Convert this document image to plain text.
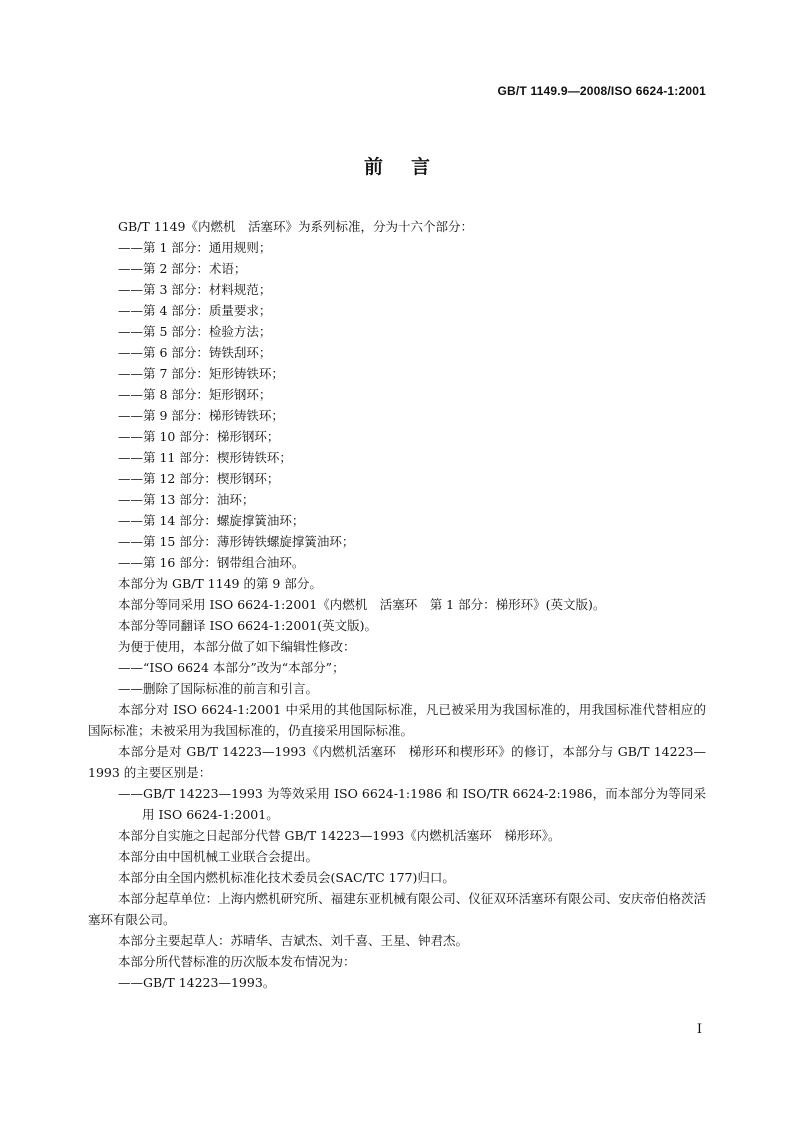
GB/T 1149.9—2008/ISO 6624-1:2001
前言

GB/T 1149《内燃机　活塞环》为系列标准，分为十六个部分：

——第 1 部分：通用规则；

——第 2 部分：术语；

——第 3 部分：材料规范；

——第 4 部分：质量要求；

——第 5 部分：检验方法；

——第 6 部分：铸铁刮环；

——第 7 部分：矩形铸铁环；

——第 8 部分：矩形钢环；

——第 9 部分：梯形铸铁环；

——第 10 部分：梯形钢环；

——第 11 部分：楔形铸铁环；

——第 12 部分：楔形钢环；

——第 13 部分：油环；

——第 14 部分：螺旋撑簧油环；

——第 15 部分：薄形铸铁螺旋撑簧油环；

——第 16 部分：钢带组合油环。

本部分为 GB/T 1149 的第 9 部分。

本部分等同采用 ISO 6624-1:2001《内燃机　活塞环　第 1 部分：梯形环》(英文版)。

本部分等同翻译 ISO 6624-1:2001(英文版)。

为便于使用，本部分做了如下编辑性修改：

——“ISO 6624 本部分”改为“本部分”；

——删除了国际标准的前言和引言。

本部分对 ISO 6624-1:2001 中采用的其他国际标准，凡已被采用为我国标准的，用我国标准代替相应的国际标准；未被采用为我国标准的，仍直接采用国际标准。

本部分是对 GB/T 14223—1993《内燃机活塞环　梯形环和楔形环》的修订，本部分与 GB/T 14223—1993 的主要区别是：

——GB/T 14223—1993 为等效采用 ISO 6624-1:1986 和 ISO/TR 6624-2:1986，而本部分为等同采用 ISO 6624-1:2001。

本部分自实施之日起部分代替 GB/T 14223—1993《内燃机活塞环　梯形环》。

本部分由中国机械工业联合会提出。

本部分由全国内燃机标准化技术委员会(SAC/TC 177)归口。

本部分起草单位：上海内燃机研究所、福建东亚机械有限公司、仪征双环活塞环有限公司、安庆帝伯格茨活塞环有限公司。

本部分主要起草人：苏晴华、吉斌杰、刘千喜、王星、钟君杰。

本部分所代替标准的历次版本发布情况为：

——GB/T 14223—1993。

I
